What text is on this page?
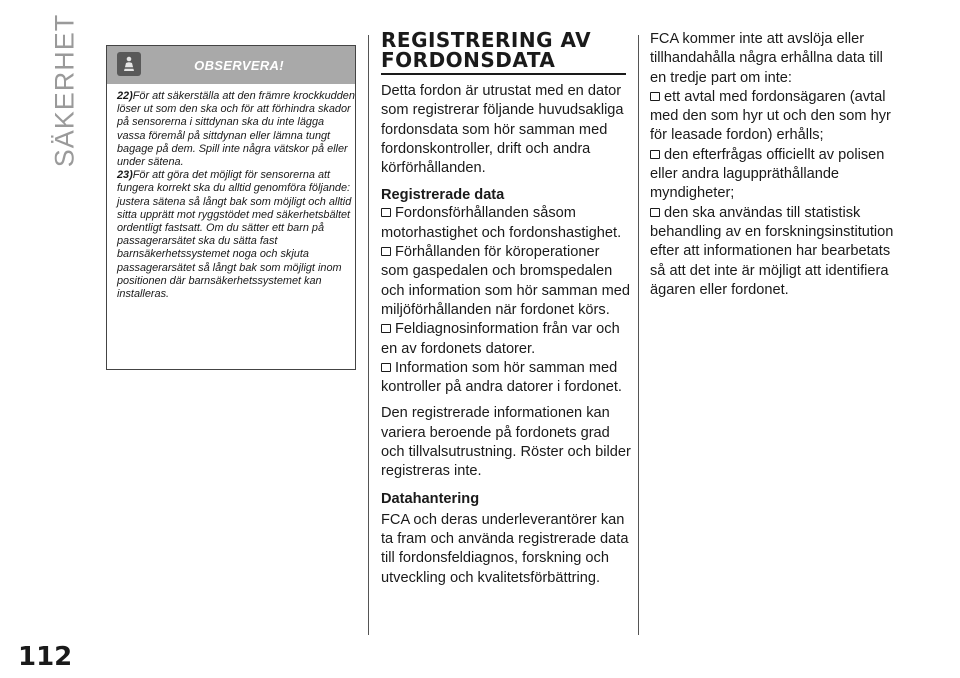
SÄKERHET
112
OBSERVERA!

22)För att säkerställa att den främre krockkudden löser ut som den ska och för att förhindra skador på sensorerna i sittdynan ska du inte lägga vassa föremål på sittdynan eller lämna tungt bagage på dem. Spill inte några vätskor på eller under sätena.

23)För att göra det möjligt för sensorerna att fungera korrekt ska du alltid genomföra följande: justera sätena så långt bak som möjligt och alltid sitta upprätt mot ryggstödet med säkerhetsbältet ordentligt fastsatt. Om du sätter ett barn på passagerarsätet ska du sätta fast barnsäkerhetssystemet noga och skjuta passagerarsätet så långt bak som möjligt inom positionen där barnsäkerhetssystemet kan installeras.

REGISTRERING AV
FORDONSDATA

Detta fordon är utrustat med en dator som registrerar följande huvudsakliga fordonsdata som hör samman med fordonskontroller, drift och andra körförhållanden.

Registrerade data

Fordonsförhållanden såsom motorhastighet och fordonshastighet.

Förhållanden för köroperationer som gaspedalen och bromspedalen och information som hör samman med miljöförhållanden när fordonet körs.

Feldiagnosinformation från var och en av fordonets datorer.

Information som hör samman med kontroller på andra datorer i fordonet.

Den registrerade informationen kan variera beroende på fordonets grad och tillvalsutrustning. Röster och bilder registreras inte.

Datahantering

FCA och deras underleverantörer kan ta fram och använda registrerade data till fordonsfeldiagnos, forskning och utveckling och kvalitetsförbättring.

FCA kommer inte att avslöja eller tillhandahålla några erhållna data till en tredje part om inte:

ett avtal med fordonsägaren (avtal med den som hyr ut och den som hyr för leasade fordon) erhålls;

den efterfrågas officiellt av polisen eller andra laguppräthållande myndigheter;

den ska användas till statistisk behandling av en forskningsinstitution efter att informationen har bearbetats så att det inte är möjligt att identifiera ägaren eller fordonet.
